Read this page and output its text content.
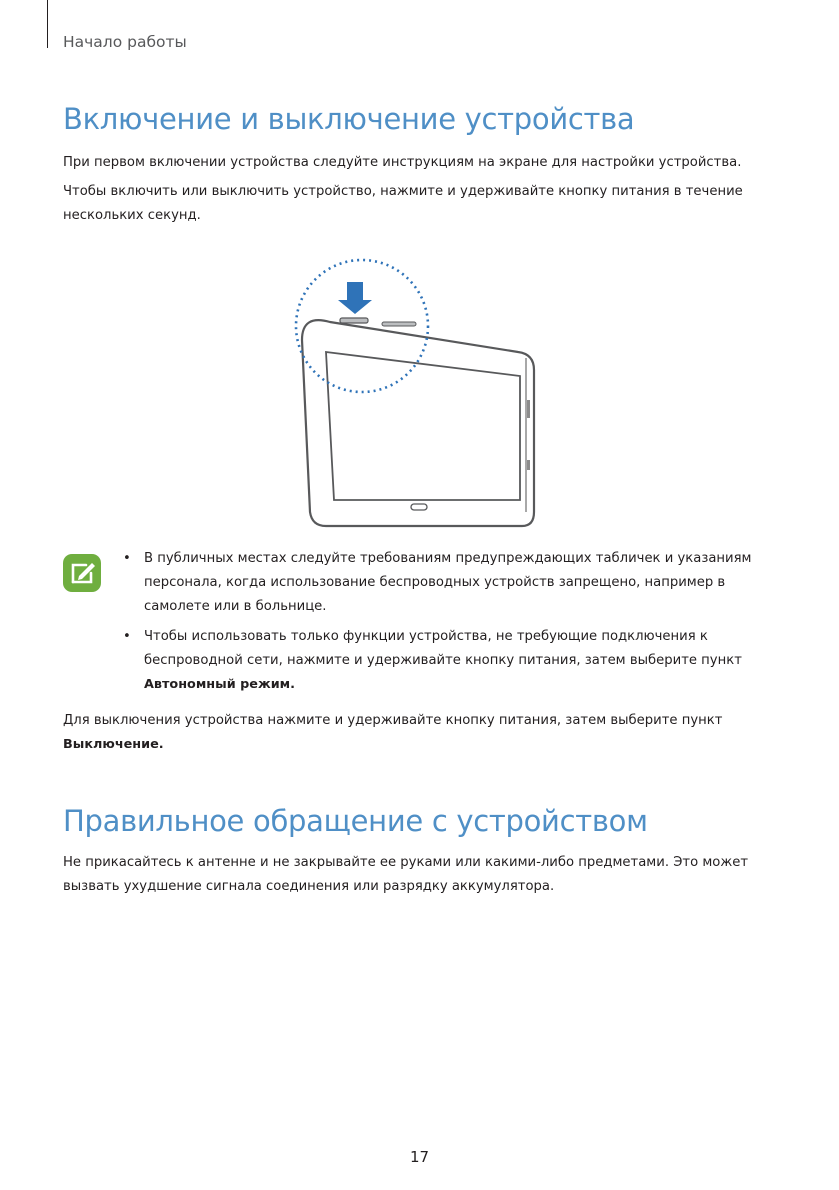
Начало работы
Включение и выключение устройства

При первом включении устройства следуйте инструкциям на экране для настройки устройства.

Чтобы включить или выключить устройство, нажмите и удерживайте кнопку питания в течение нескольких секунд.

• В публичных местах следуйте требованиям предупреждающих табличек и указаниям персонала, когда использование беспроводных устройств запрещено, например в самолете или в больнице.
• Чтобы использовать только функции устройства, не требующие подключения к беспроводной сети, нажмите и удерживайте кнопку питания, затем выберите пункт Автономный режим.

Для выключения устройства нажмите и удерживайте кнопку питания, затем выберите пункт
Выключение.

Правильное обращение с устройством

Не прикасайтесь к антенне и не закрывайте ее руками или какими-либо предметами. Это может вызвать ухудшение сигнала соединения или разрядку аккумулятора.

17
